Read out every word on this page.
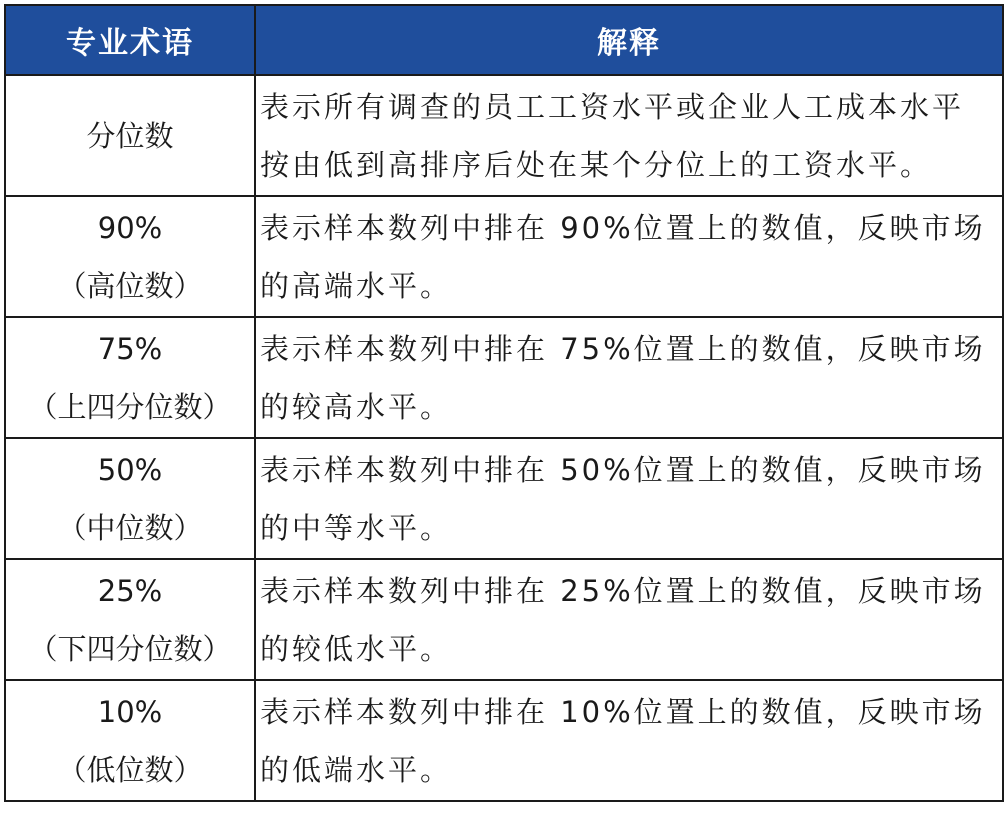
专业术语	解释

分位数	表示所有调查的员工工资水平或企业人工成本水平
按由低到高排序后处在某个分位上的工资水平。

90%
（高位数）	表示样本数列中排在 90%位置上的数值，反映市场
的高端水平。

75%
（上四分位数）	表示样本数列中排在 75%位置上的数值，反映市场
的较高水平。

50%
（中位数）	表示样本数列中排在 50%位置上的数值，反映市场
的中等水平。

25%
（下四分位数）	表示样本数列中排在 25%位置上的数值，反映市场
的较低水平。

10%
（低位数）	表示样本数列中排在 10%位置上的数值，反映市场
的低端水平。
